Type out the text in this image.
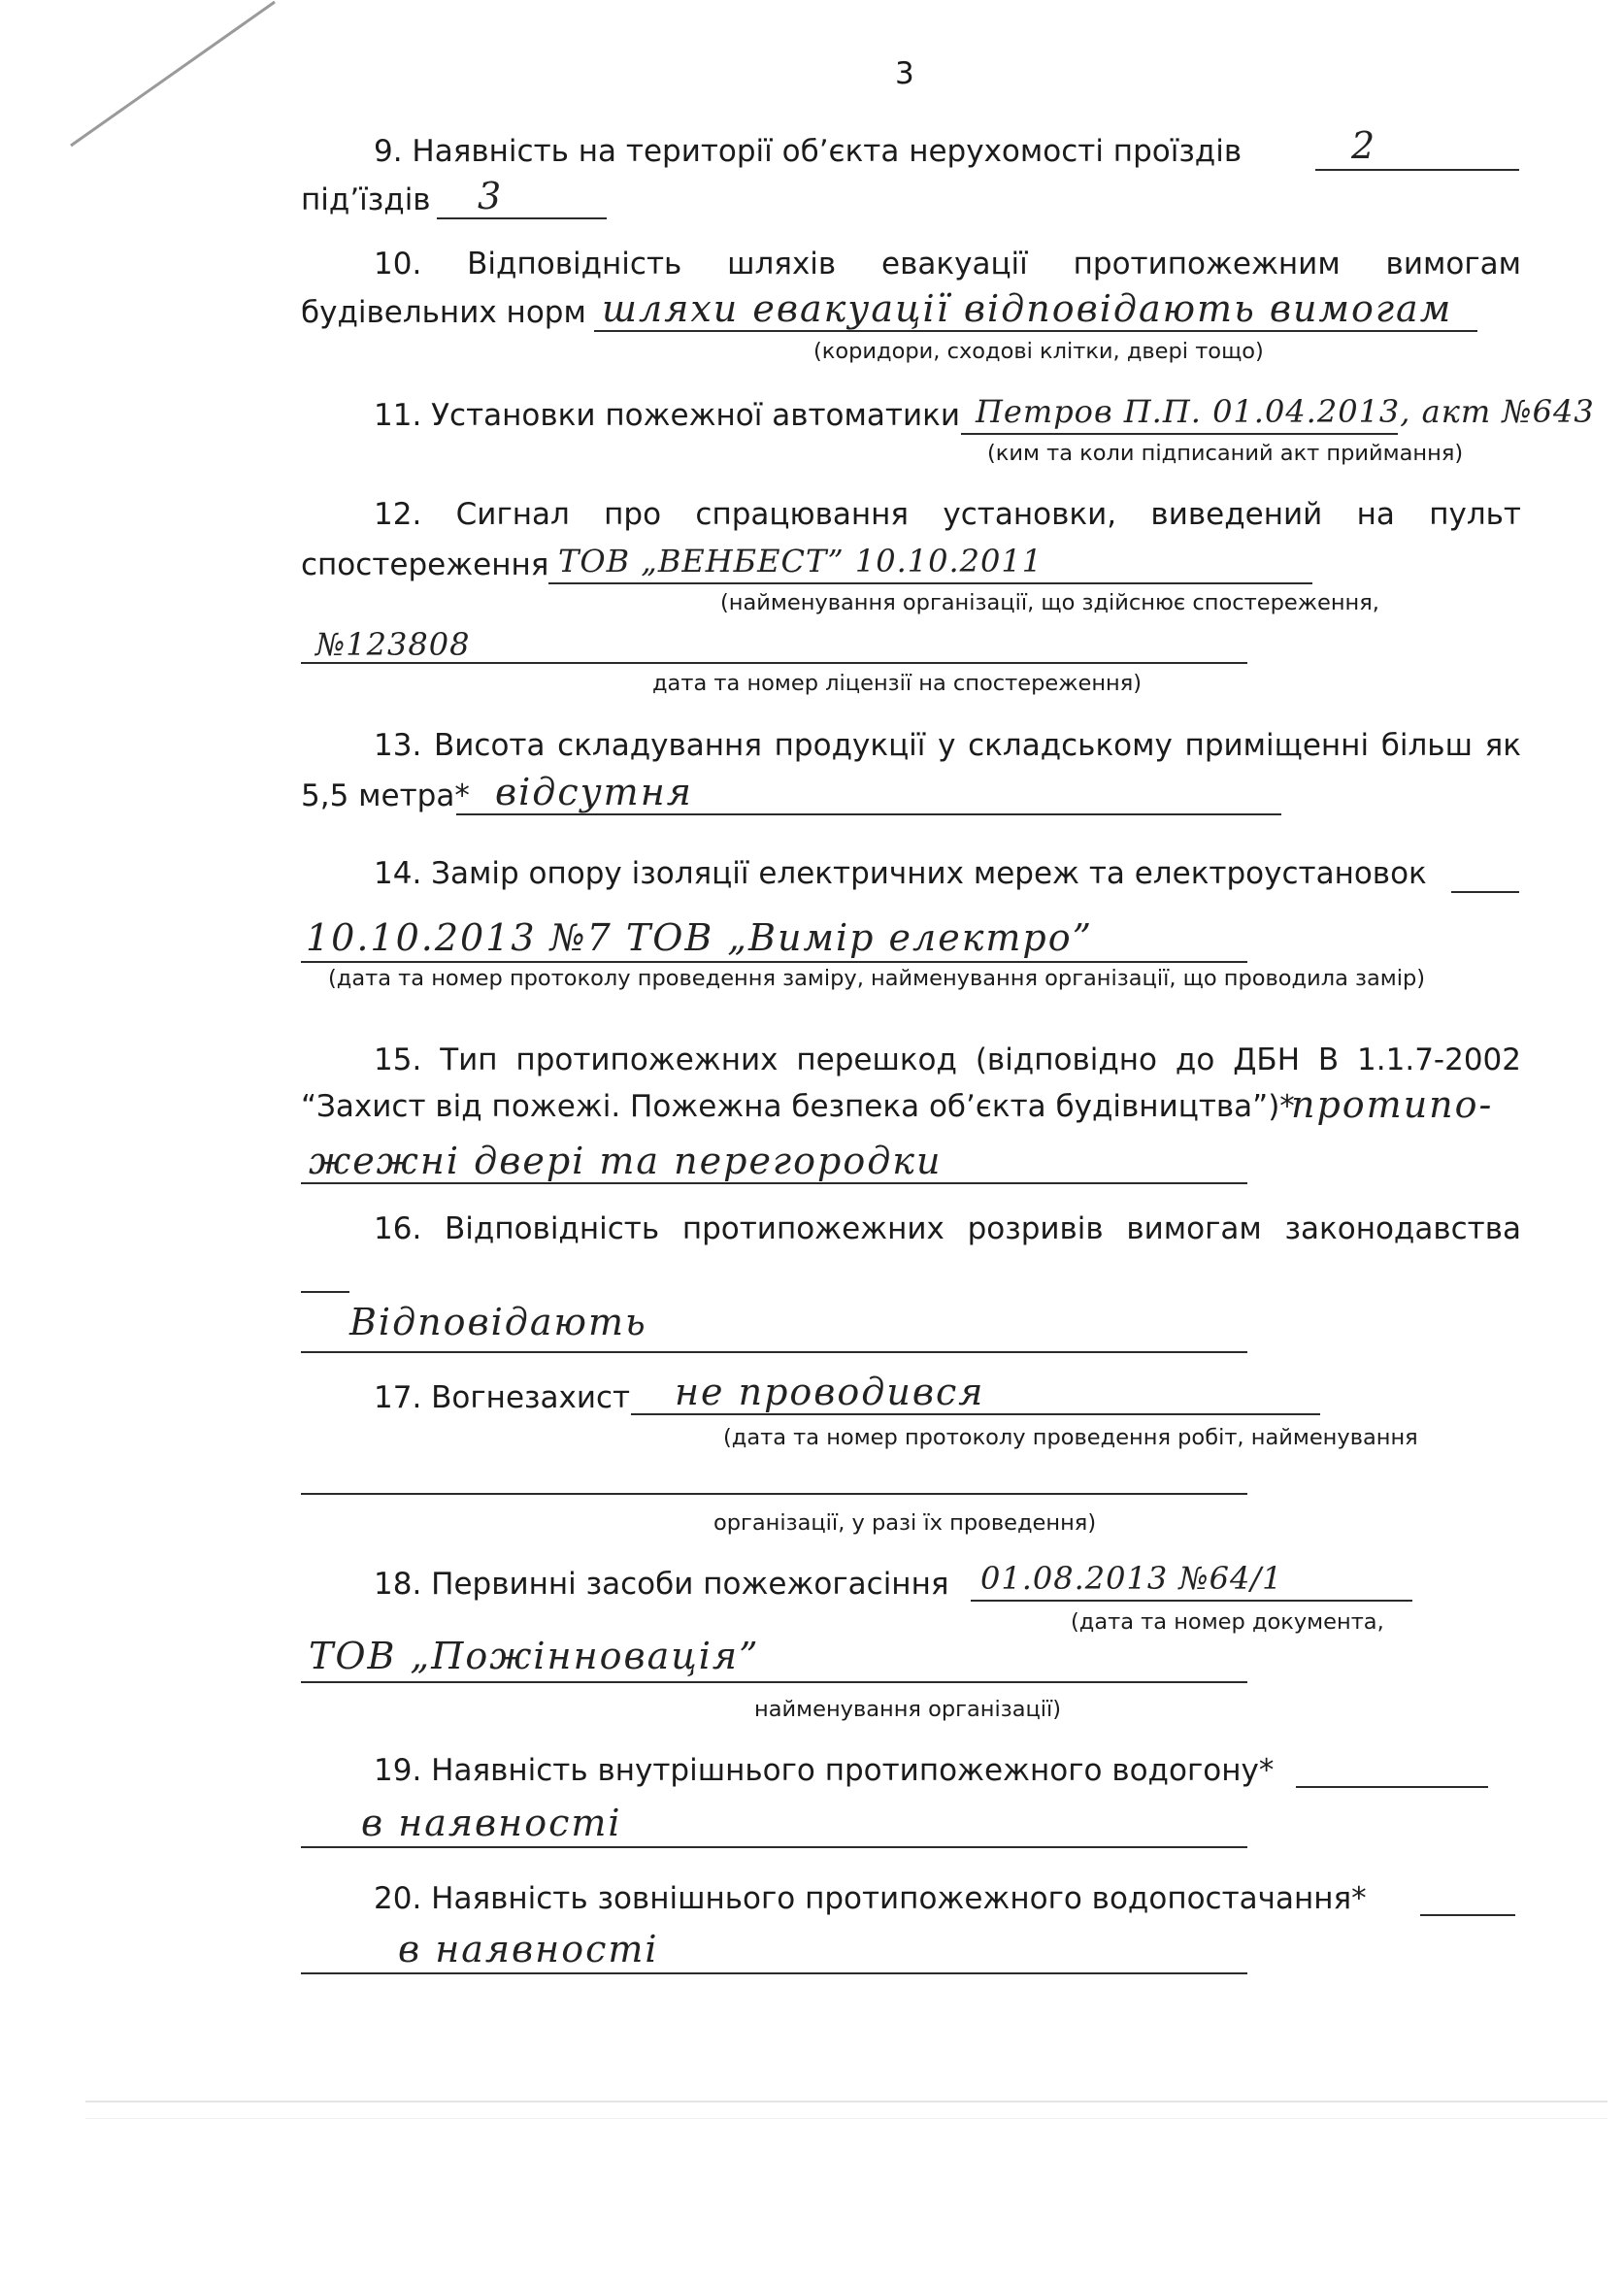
3
9. Наявність на території об’єкта нерухомості проїздів	2
під’їздів 3
10. Відповідність шляхів евакуації протипожежним вимогам
будівельних норм шляхи евакуації відповідають вимогам
(коридори, сходові клітки, двері тощо)
11. Установки пожежної автоматики Петров П.П. 01.04.2013, акт №643
(ким та коли підписаний акт приймання)
12. Сигнал про спрацювання установки, виведений на пульт
спостереження ТОВ „ВЕНБЕСТ” 10.10.2011
(найменування організації, що здійснює спостереження,
№123808
дата та номер ліцензії на спостереження)
13. Висота складування продукції у складському приміщенні більш як
5,5 метра* відсутня
14. Замір опору ізоляції електричних мереж та електроустановок
10.10.2013 №7 ТОВ „Вимір електро”
(дата та номер протоколу проведення заміру, найменування організації, що проводила замір)
15. Тип протипожежних перешкод (відповідно до ДБН В 1.1.7-2002
“Захист від пожежі. Пожежна безпека об’єкта будівництва”)*
протипо-
жежні двері та перегородки
16. Відповідність протипожежних розривів вимогам законодавства
Відповідають
17. Вогнезахист не проводився
(дата та номер протоколу проведення робіт, найменування
організації, у разі їх проведення)
18. Первинні засоби пожежогасіння 01.08.2013 №64/1
(дата та номер документа,
ТОВ „Пожінновація”
найменування організації)
19. Наявність внутрішнього протипожежного водогону*
в наявності
20. Наявність зовнішнього протипожежного водопостачання*
в наявності
